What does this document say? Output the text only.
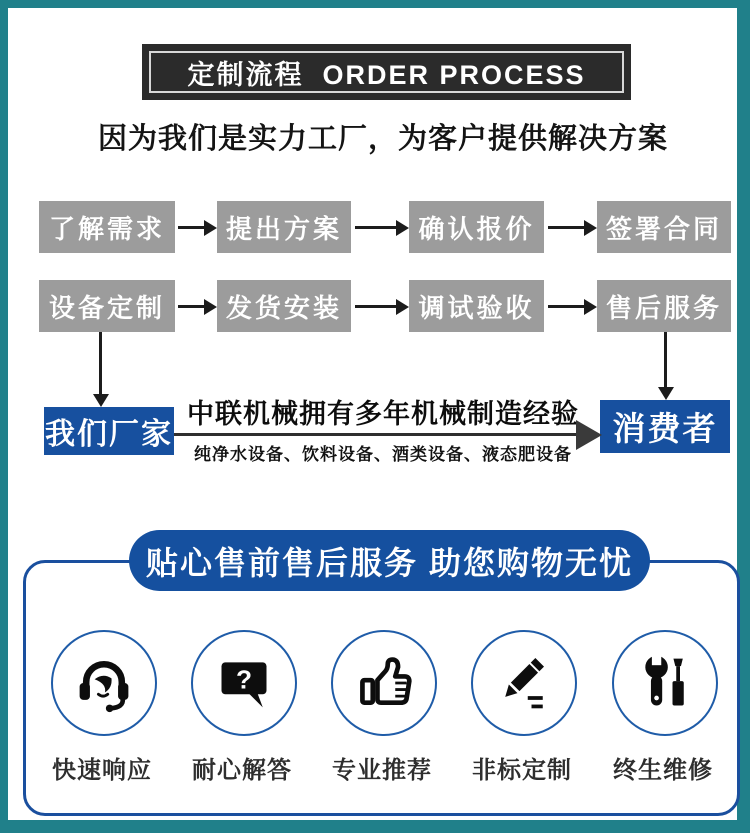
定制流程  ORDER PROCESS
因为我们是实力工厂，为客户提供解决方案
了解需求	提出方案	确认报价	签署合同
设备定制	发货安装	调试验收	售后服务
我们厂家	消费者
中联机械拥有多年机械制造经验
纯净水设备、饮料设备、酒类设备、液态肥设备
贴心售前售后服务 助您购物无忧
快速响应
?
耐心解答	专业推荐	非标定制	终生维修
